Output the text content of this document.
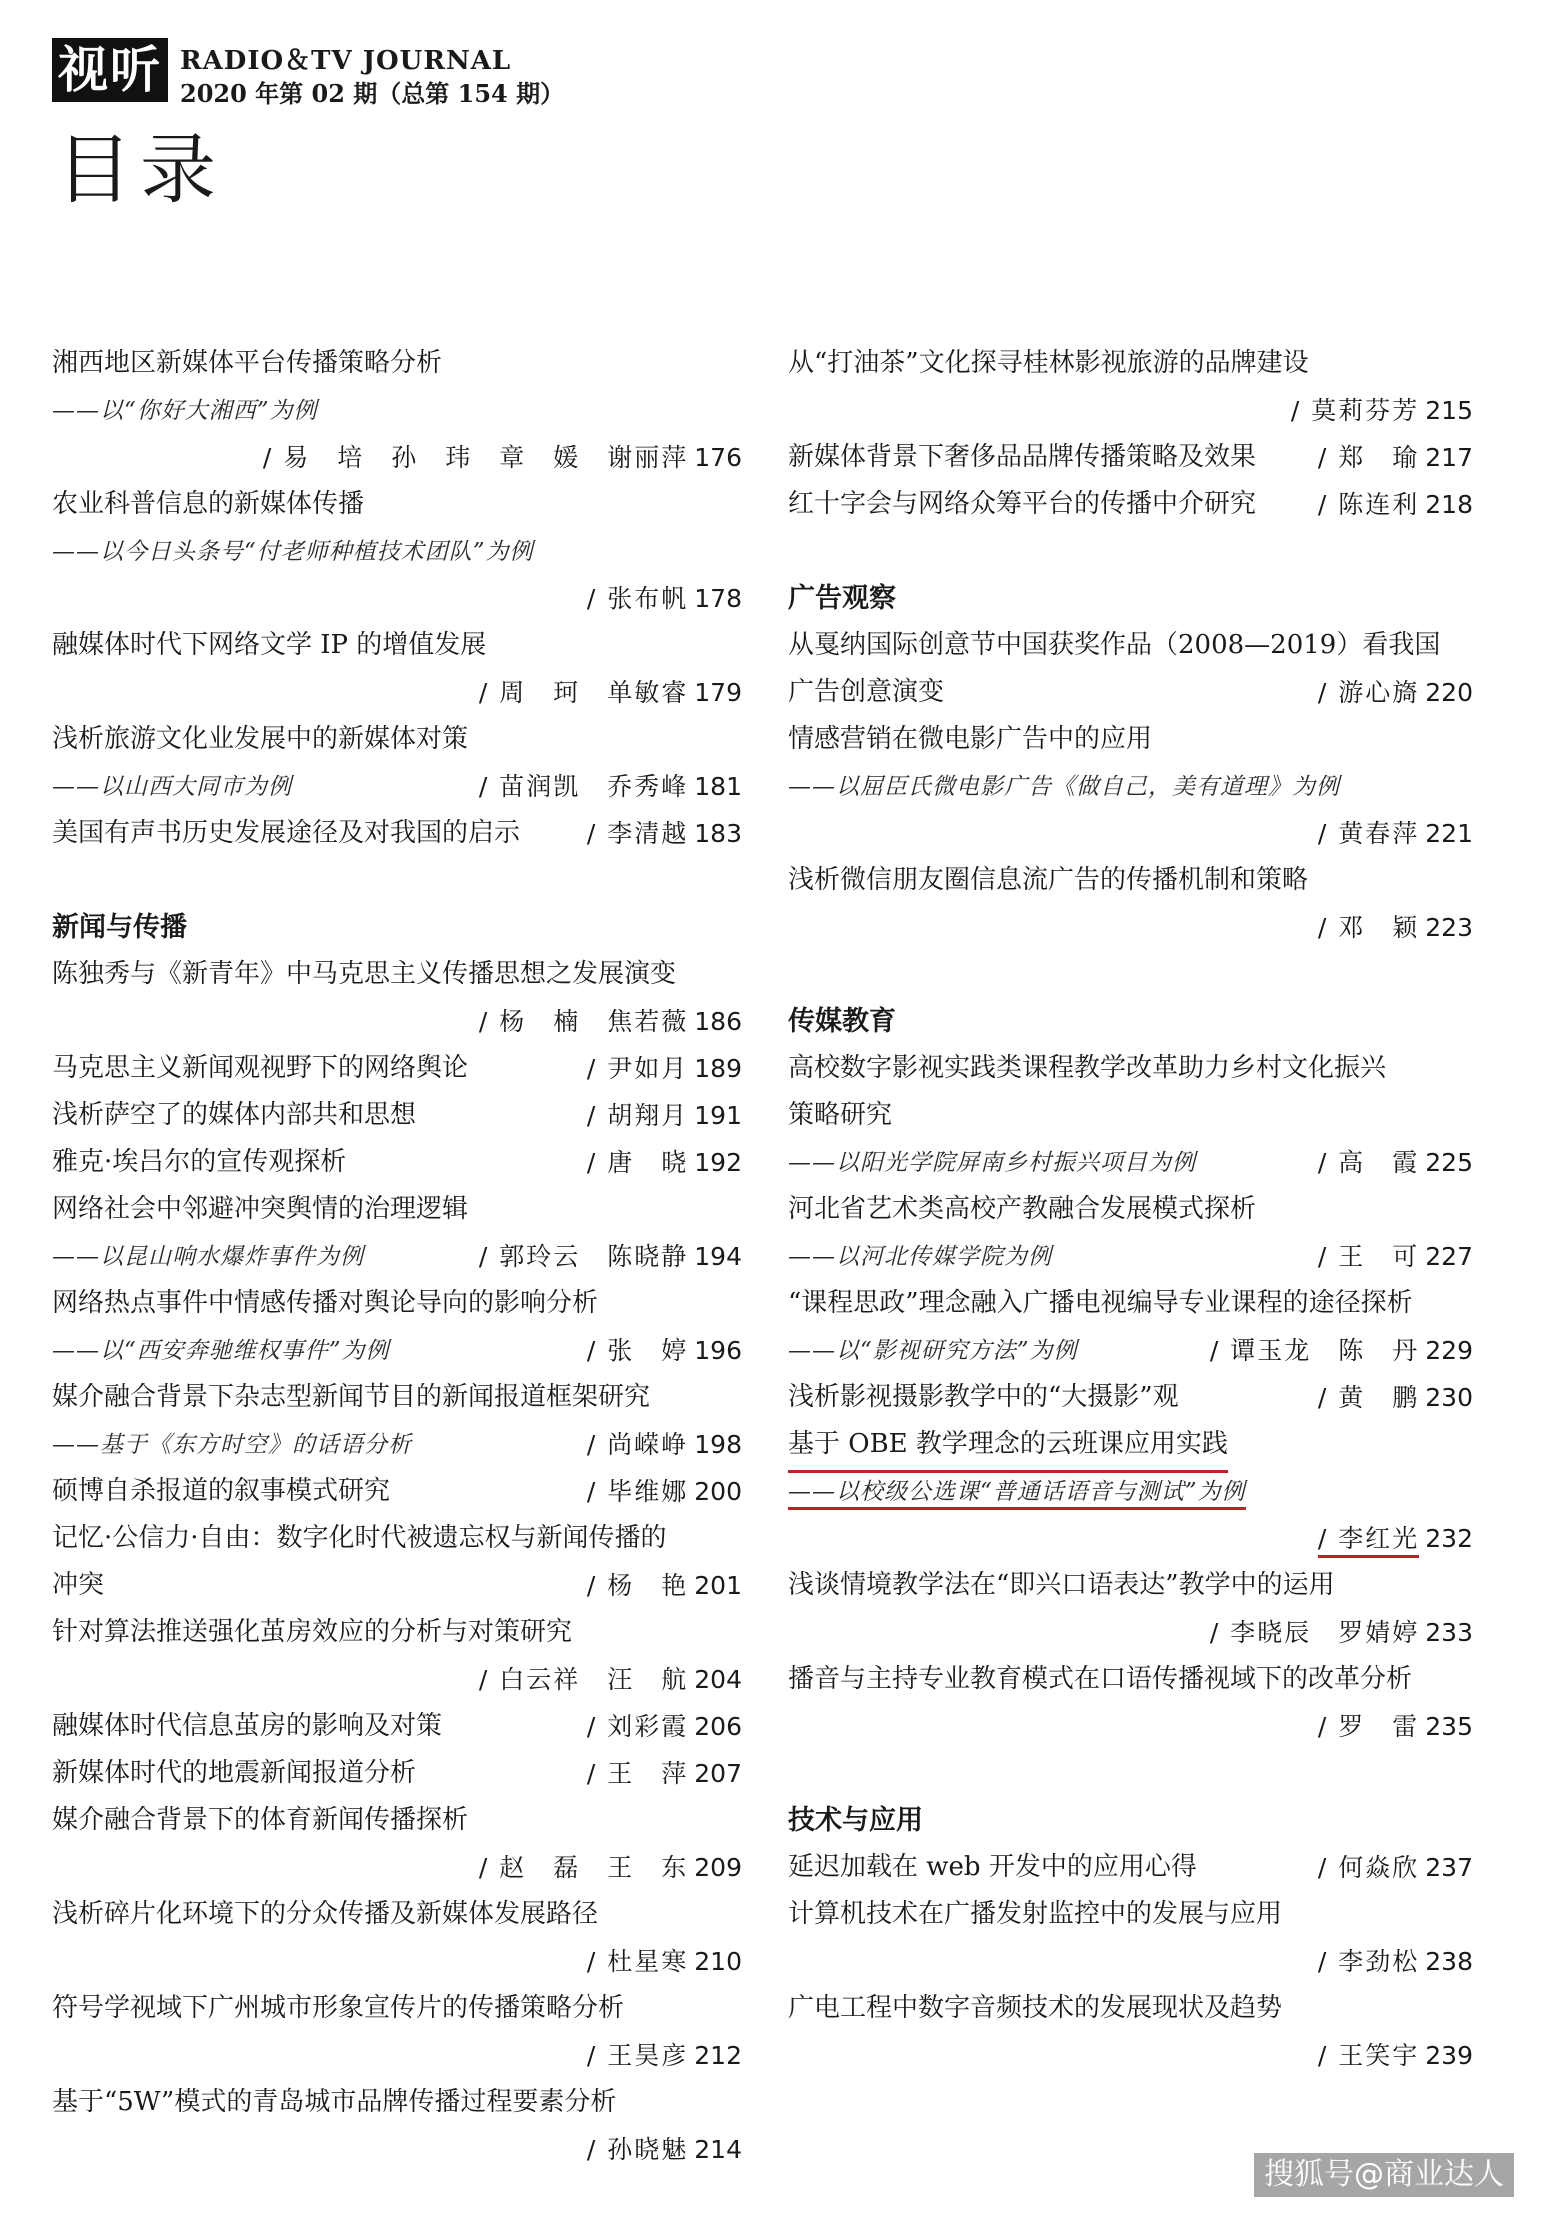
视听 RADIO＆TV JOURNAL
2020 年第 02 期（总第 154 期）
目录
湘西地区新媒体平台传播策略分析
——以“你好大湘西”为例
/ 易　培　孙　玮　章　媛　谢丽萍 176
农业科普信息的新媒体传播
——以今日头条号“付老师种植技术团队”为例
/ 张布帆 178
融媒体时代下网络文学 IP 的增值发展
/ 周　珂　单敏睿 179
浅析旅游文化业发展中的新媒体对策
——以山西大同市为例	/ 苗润凯　乔秀峰 181
美国有声书历史发展途径及对我国的启示	/ 李清越 183
新闻与传播
陈独秀与《新青年》中马克思主义传播思想之发展演变
/ 杨　楠　焦若薇 186
马克思主义新闻观视野下的网络舆论	/ 尹如月 189
浅析萨空了的媒体内部共和思想	/ 胡翔月 191
雅克·埃吕尔的宣传观探析	/ 唐　晓 192
网络社会中邻避冲突舆情的治理逻辑
——以昆山响水爆炸事件为例	/ 郭玲云　陈晓静 194
网络热点事件中情感传播对舆论导向的影响分析
——以“西安奔驰维权事件”为例	/ 张　婷 196
媒介融合背景下杂志型新闻节目的新闻报道框架研究
——基于《东方时空》的话语分析	/ 尚嵘峥 198
硕博自杀报道的叙事模式研究	/ 毕维娜 200
记忆·公信力·自由：数字化时代被遗忘权与新闻传播的
冲突	/ 杨　艳 201
针对算法推送强化茧房效应的分析与对策研究
/ 白云祥　汪　航 204
融媒体时代信息茧房的影响及对策	/ 刘彩霞 206
新媒体时代的地震新闻报道分析	/ 王　萍 207
媒介融合背景下的体育新闻传播探析
/ 赵　磊　王　东 209
浅析碎片化环境下的分众传播及新媒体发展路径
/ 杜星寒 210
符号学视域下广州城市形象宣传片的传播策略分析
/ 王昊彦 212
基于“5W”模式的青岛城市品牌传播过程要素分析
/ 孙晓魅 214
从“打油茶”文化探寻桂林影视旅游的品牌建设
/ 莫莉芬芳 215
新媒体背景下奢侈品品牌传播策略及效果 / 郑　瑜 217
红十字会与网络众筹平台的传播中介研究 / 陈连利 218
广告观察
从戛纳国际创意节中国获奖作品（2008—2019）看我国
广告创意演变	/ 游心旖 220
情感营销在微电影广告中的应用
——以屈臣氏微电影广告《做自己，美有道理》为例
/ 黄春萍 221
浅析微信朋友圈信息流广告的传播机制和策略
/ 邓　颖 223
传媒教育
高校数字影视实践类课程教学改革助力乡村文化振兴
策略研究
——以阳光学院屏南乡村振兴项目为例	/ 高　霞 225
河北省艺术类高校产教融合发展模式探析
——以河北传媒学院为例	/ 王　可 227
“课程思政”理念融入广播电视编导专业课程的途径探析
——以“影视研究方法”为例	/ 谭玉龙　陈　丹 229
浅析影视摄影教学中的“大摄影”观	/ 黄　鹏 230
基于 OBE 教学理念的云班课应用实践
——以校级公选课“普通话语音与测试”为例
/ 李红光 232
浅谈情境教学法在“即兴口语表达”教学中的运用
/ 李晓辰　罗婧婷 233
播音与主持专业教育模式在口语传播视域下的改革分析
/ 罗　雷 235
技术与应用
延迟加载在 web 开发中的应用心得	/ 何焱欣 237
计算机技术在广播发射监控中的发展与应用
/ 李劲松 238
广电工程中数字音频技术的发展现状及趋势
/ 王笑宇 239
搜狐号@商业达人
